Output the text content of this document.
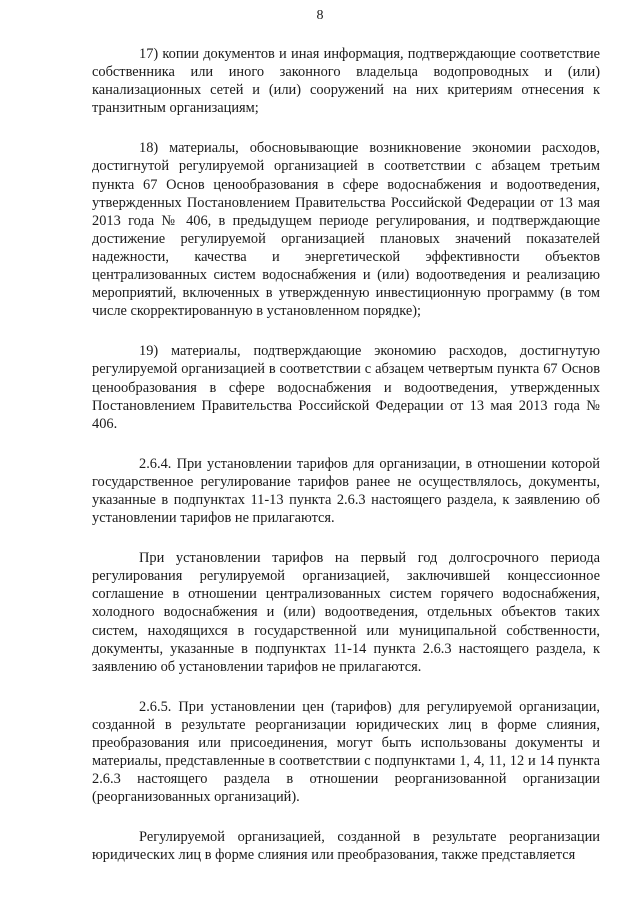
8

17) копии документов и иная информация, подтверждающие соответствие собственника или иного законного владельца водопроводных и (или) канализационных сетей и (или) сооружений на них критериям отнесения к транзитным организациям;

18) материалы, обосновывающие возникновение экономии расходов, достигнутой регулируемой организацией в соответствии с абзацем третьим пункта 67 Основ ценообразования в сфере водоснабжения и водоотведения, утвержденных Постановлением Правительства Российской Федерации от 13 мая 2013 года № 406, в предыдущем периоде регулирования, и подтверждающие достижение регулируемой организацией плановых значений показателей надежности, качества и энергетической эффективности объектов централизованных систем водоснабжения и (или) водоотведения и реализацию мероприятий, включенных в утвержденную инвестиционную программу (в том числе скорректированную в установленном порядке);

19) материалы, подтверждающие экономию расходов, достигнутую регулируемой организацией в соответствии с абзацем четвертым пункта 67 Основ ценообразования в сфере водоснабжения и водоотведения, утвержденных Постановлением Правительства Российской Федерации от 13 мая 2013 года № 406.

2.6.4. При установлении тарифов для организации, в отношении которой государственное регулирование тарифов ранее не осуществлялось, документы, указанные в подпунктах 11-13 пункта 2.6.3 настоящего раздела, к заявлению об установлении тарифов не прилагаются.

При установлении тарифов на первый год долгосрочного периода регулирования регулируемой организацией, заключившей концессионное соглашение в отношении централизованных систем горячего водоснабжения, холодного водоснабжения и (или) водоотведения, отдельных объектов таких систем, находящихся в государственной или муниципальной собственности, документы, указанные в подпунктах 11-14 пункта 2.6.3 настоящего раздела, к заявлению об установлении тарифов не прилагаются.

2.6.5. При установлении цен (тарифов) для регулируемой организации, созданной в результате реорганизации юридических лиц в форме слияния, преобразования или присоединения, могут быть использованы документы и материалы, представленные в соответствии с подпунктами 1, 4, 11, 12 и 14 пункта 2.6.3 настоящего раздела в отношении реорганизованной организации (реорганизованных организаций).

Регулируемой организацией, созданной в результате реорганизации юридических лиц в форме слияния или преобразования, также представляется
